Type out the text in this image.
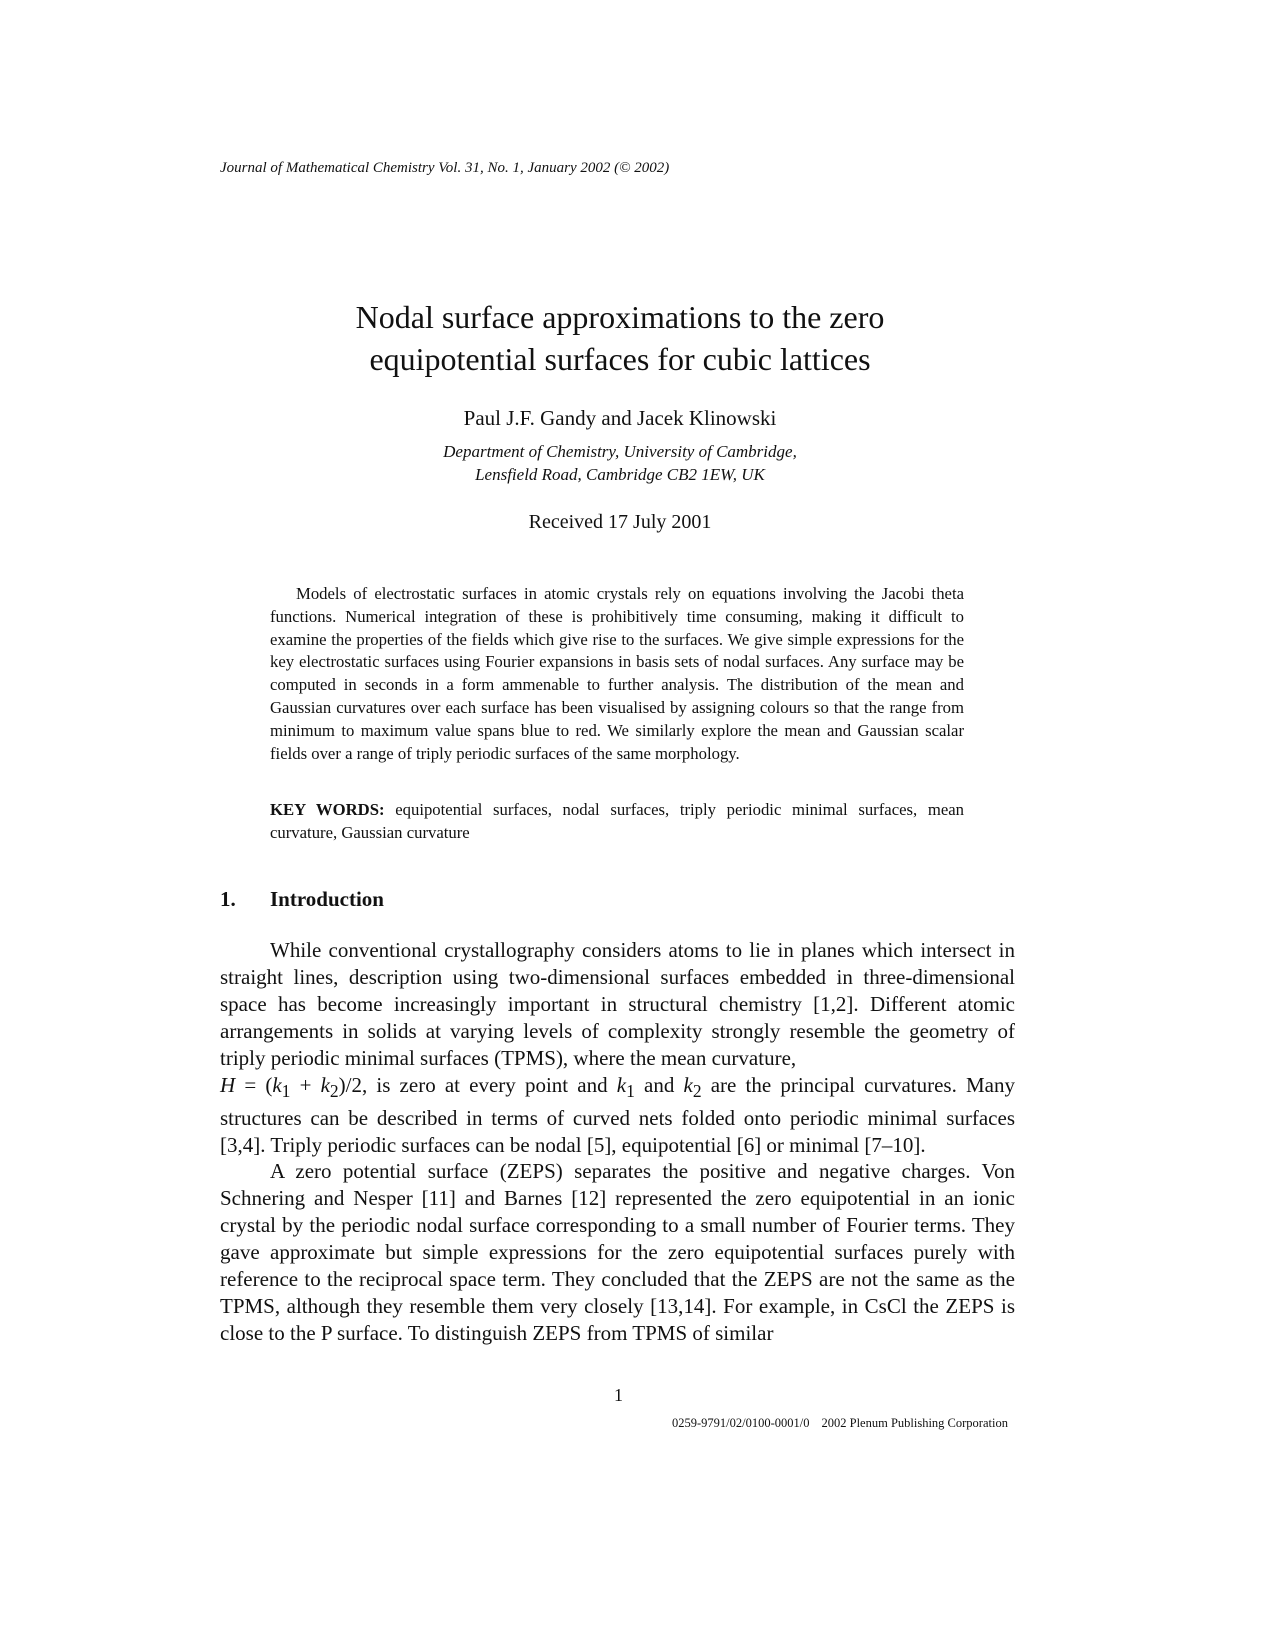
Journal of Mathematical Chemistry Vol. 31, No. 1, January 2002 (© 2002)
Nodal surface approximations to the zero
equipotential surfaces for cubic lattices
Paul J.F. Gandy and Jacek Klinowski
Department of Chemistry, University of Cambridge,
Lensfield Road, Cambridge CB2 1EW, UK
Received 17 July 2001

Models of electrostatic surfaces in atomic crystals rely on equations involving the Jacobi theta functions. Numerical integration of these is prohibitively time consuming, making it difficult to examine the properties of the fields which give rise to the surfaces. We give simple expressions for the key electrostatic surfaces using Fourier expansions in basis sets of nodal surfaces. Any surface may be computed in seconds in a form ammenable to further analysis. The distribution of the mean and Gaussian curvatures over each surface has been visualised by assigning colours so that the range from minimum to maximum value spans blue to red. We similarly explore the mean and Gaussian scalar fields over a range of triply periodic surfaces of the same morphology.

KEY WORDS: equipotential surfaces, nodal surfaces, triply periodic minimal surfaces, mean curvature, Gaussian curvature
1. Introduction

While conventional crystallography considers atoms to lie in planes which intersect in straight lines, description using two-dimensional surfaces embedded in three-dimensional space has become increasingly important in structural chemistry [1,2]. Different atomic arrangements in solids at varying levels of complexity strongly resemble the geometry of triply periodic minimal surfaces (TPMS), where the mean curvature,
$H = (k_1 + k_2)/2$, is zero at every point and $k_1$ and $k_2$ are the principal curvatures. Many structures can be described in terms of curved nets folded onto periodic minimal surfaces [3,4]. Triply periodic surfaces can be nodal [5], equipotential [6] or minimal [7–10].

A zero potential surface (ZEPS) separates the positive and negative charges. Von Schnering and Nesper [11] and Barnes [12] represented the zero equipotential in an ionic crystal by the periodic nodal surface corresponding to a small number of Fourier terms. They gave approximate but simple expressions for the zero equipotential surfaces purely with reference to the reciprocal space term. They concluded that the ZEPS are not the same as the TPMS, although they resemble them very closely [13,14]. For example, in CsCl the ZEPS is close to the P surface. To distinguish ZEPS from TPMS of similar

1
0259-9791/02/0100-0001/0 2002 Plenum Publishing Corporation
